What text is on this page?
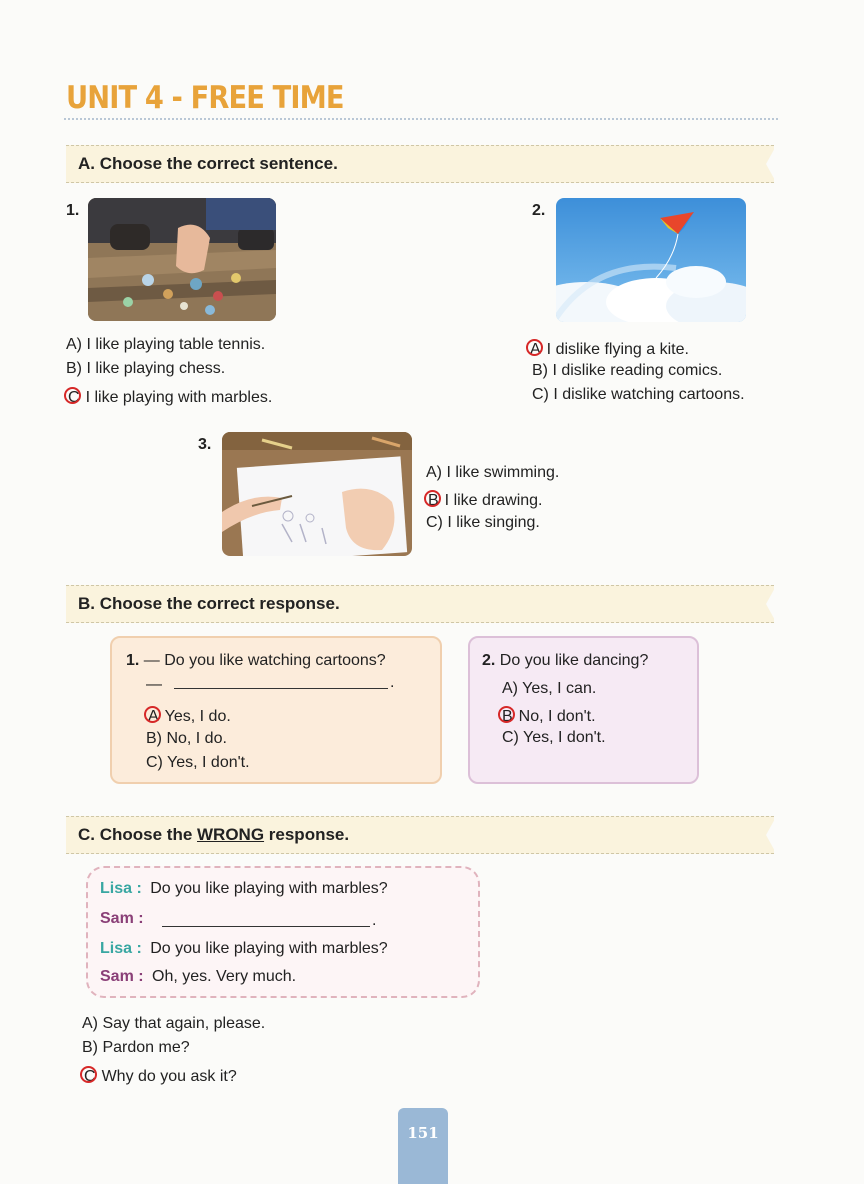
UNIT 4 - FREE TIME
A. Choose the correct sentence.
1.
A) I like playing table tennis.
B) I like playing chess.
C I like playing with marbles.
2.
A I dislike flying a kite.
B) I dislike reading comics.
C) I dislike watching cartoons.
3.
A) I like swimming.
B I like drawing.
C) I like singing.
B. Choose the correct response.
1. — Do you like watching cartoons?
—	.
A Yes, I do.
B) No, I do.
C) Yes, I don't.
2. Do you like dancing?
A) Yes, I can.
B No, I don't.
C) Yes, I don't.
C. Choose the WRONG response.
Lisa : Do you like playing with marbles?
Sam :	.
Lisa : Do you like playing with marbles?
Sam : Oh, yes. Very much.
A) Say that again, please.
B) Pardon me?
C Why do you ask it?
151
